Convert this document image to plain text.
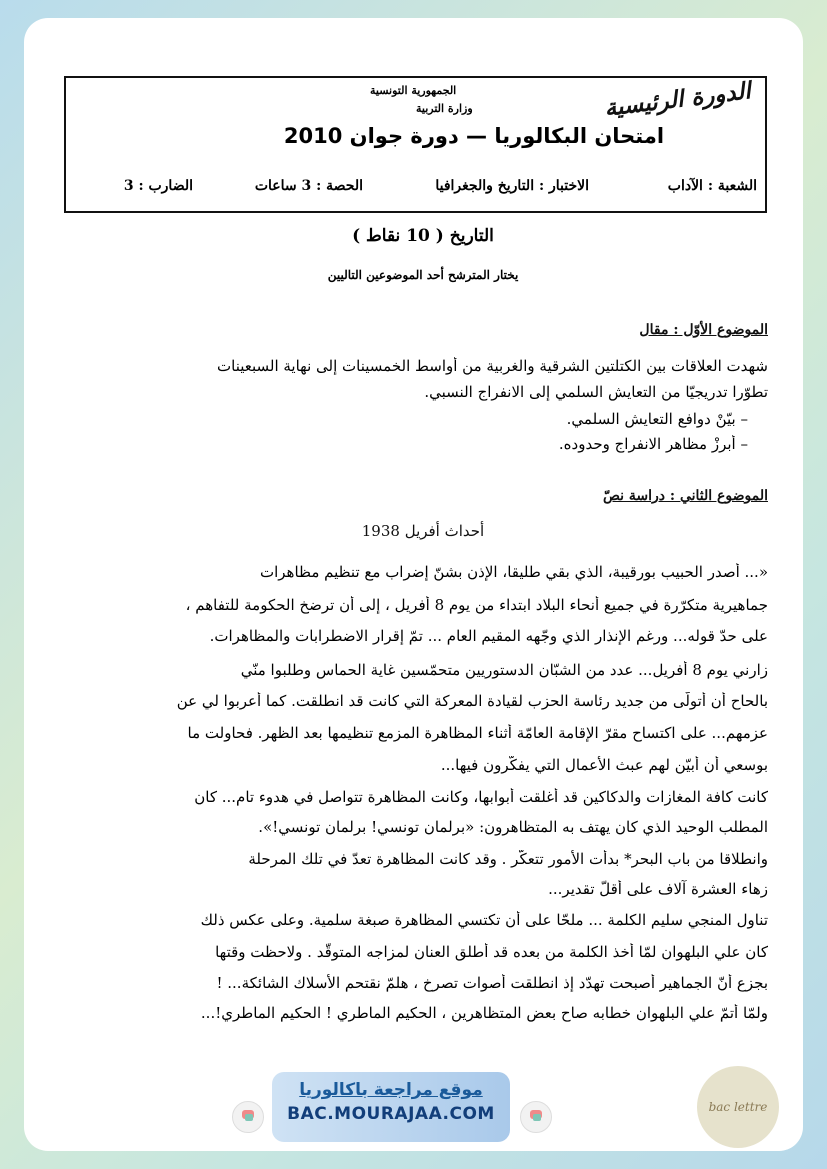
الدورة الرئيسية
الجمهورية التونسية
وزارة التربية
امتحان البكالوريا — دورة جوان 2010
الشعبة : الآداب
الاختبار : التاريخ والجغرافيا
الحصة : 3 ساعات
الضارب : 3
التاريخ ( 10 نقاط )
يختار المترشح أحد الموضوعين التاليين
الموضوع الأوّل : مقال
شهدت العلاقات بين الكتلتين الشرقية والغربية من أواسط الخمسينات إلى نهاية السبعينات
تطوّرا تدريجيّا من التعايش السلمي إلى الانفراج النسبي.
– بيّنْ دوافع التعايش السلمي.
– أبرزْ مظاهر الانفراج وحدوده.
الموضوع الثاني : دراسة نصّ
أحداث أفريل 1938
«... أصدر الحبيب بورقيبة، الذي بقي طليقا، الإذن بشنّ إضراب مع تنظيم مظاهرات
جماهيرية متكرّرة في جميع أنحاء البلاد ابتداء من يوم 8 أفريل ، إلى أن ترضخ الحكومة للتفاهم ،
على حدّ قوله... ورغم الإنذار الذي وجّهه المقيم العام ... تمّ إقرار الاضطرابات والمظاهرات.
زارني يوم 8 أفريل... عدد من الشبّان الدستوريين متحمّسين غاية الحماس وطلبوا منّي
بالحاح أن أتولّى من جديد رئاسة الحزب لقيادة المعركة التي كانت قد انطلقت. كما أعربوا لي عن
عزمهم... على اكتساح مقرّ الإقامة العامّة أثناء المظاهرة المزمع تنظيمها بعد الظهر. فحاولت ما
بوسعي أن أبيّن لهم عبث الأعمال التي يفكّرون فيها...
كانت كافة المغازات والدكاكين قد أغلقت أبوابها، وكانت المظاهرة تتواصل في هدوء تام... كان
المطلب الوحيد الذي كان يهتف به المتظاهرون: «برلمان تونسي! برلمان تونسي!».
وانطلاقا من باب البحر* بدأت الأمور تتعكّر . وقد كانت المظاهرة تعدّ في تلك المرحلة
زهاء العشرة آلاف على أقلّ تقدير...
تناول المنجي سليم الكلمة ... ملحّا على أن تكتسي المظاهرة صبغة سلمية. وعلى عكس ذلك
كان علي البلهوان لمّا أخذ الكلمة من بعده قد أطلق العنان لمزاجه المتوقّد . ولاحظت وقتها
بجزع أنّ الجماهير أصبحت تهدّد إذ انطلقت أصوات تصرخ ، هلمّ نقتحم الأسلاك الشائكة... !
ولمّا أتمّ علي البلهوان خطابه صاح بعض المتظاهرين ، الحكيم الماطري ! الحكيم الماطري!...
موقع مراجعة باكالوريا
BAC.MOURAJAA.COM	bac lettre
